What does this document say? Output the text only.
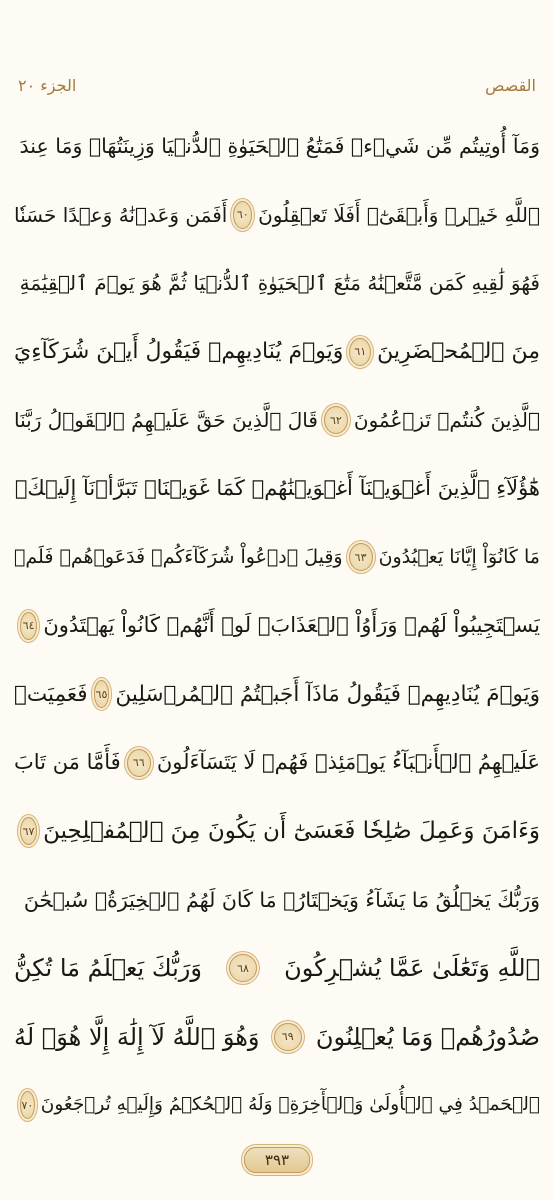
الجزء ٢٠	القصص
وَمَآ أُوتِيتُم مِّن شَيۡءٖ فَمَتَٰعُ ٱلۡحَيَوٰةِ ٱلدُّنۡيَا وَزِينَتُهَاۚ وَمَا عِندَ
ٱللَّهِ خَيۡرٞ وَأَبۡقَىٰٓۚ أَفَلَا تَعۡقِلُونَ
٦٠
أَفَمَن وَعَدۡنَٰهُ وَعۡدًا حَسَنٗا
فَهُوَ لَٰقِيهِ كَمَن مَّتَّعۡنَٰهُ مَتَٰعَ ٱلۡحَيَوٰةِ ٱلدُّنۡيَا ثُمَّ هُوَ يَوۡمَ ٱلۡقِيَٰمَةِ
مِنَ ٱلۡمُحۡضَرِينَ
٦١
وَيَوۡمَ يُنَادِيهِمۡ فَيَقُولُ أَيۡنَ شُرَكَآءِيَ
ٱلَّذِينَ كُنتُمۡ تَزۡعُمُونَ
٦٢
قَالَ ٱلَّذِينَ حَقَّ عَلَيۡهِمُ ٱلۡقَوۡلُ رَبَّنَا
هَٰٓؤُلَآءِ ٱلَّذِينَ أَغۡوَيۡنَآ أَغۡوَيۡنَٰهُمۡ كَمَا غَوَيۡنَاۖ تَبَرَّأۡنَآ إِلَيۡكَۖ
مَا كَانُوٓاْ إِيَّانَا يَعۡبُدُونَ
٦٣
وَقِيلَ ٱدۡعُواْ شُرَكَآءَكُمۡ فَدَعَوۡهُمۡ فَلَمۡ
يَسۡتَجِيبُواْ لَهُمۡ وَرَأَوُاْ ٱلۡعَذَابَۚ لَوۡ أَنَّهُمۡ كَانُواْ يَهۡتَدُونَ
٦٤
وَيَوۡمَ يُنَادِيهِمۡ فَيَقُولُ مَاذَآ أَجَبۡتُمُ ٱلۡمُرۡسَلِينَ
٦٥
فَعَمِيَتۡ
عَلَيۡهِمُ ٱلۡأَنۢبَآءُ يَوۡمَئِذٖ فَهُمۡ لَا يَتَسَآءَلُونَ
٦٦
فَأَمَّا مَن تَابَ
وَءَامَنَ وَعَمِلَ صَٰلِحٗا فَعَسَىٰٓ أَن يَكُونَ مِنَ ٱلۡمُفۡلِحِينَ
٦٧
وَرَبُّكَ يَخۡلُقُ مَا يَشَآءُ وَيَخۡتَارُۗ مَا كَانَ لَهُمُ ٱلۡخِيَرَةُۚ سُبۡحَٰنَ
ٱللَّهِ وَتَعَٰلَىٰ عَمَّا يُشۡرِكُونَ
٦٨
وَرَبُّكَ يَعۡلَمُ مَا تُكِنُّ
صُدُورُهُمۡ وَمَا يُعۡلِنُونَ
٦٩
وَهُوَ ٱللَّهُ لَآ إِلَٰهَ إِلَّا هُوَۖ لَهُ
ٱلۡحَمۡدُ فِي ٱلۡأُولَىٰ وَٱلۡأٓخِرَةِۖ وَلَهُ ٱلۡحُكۡمُ وَإِلَيۡهِ تُرۡجَعُونَ
٧٠
٣٩٣
